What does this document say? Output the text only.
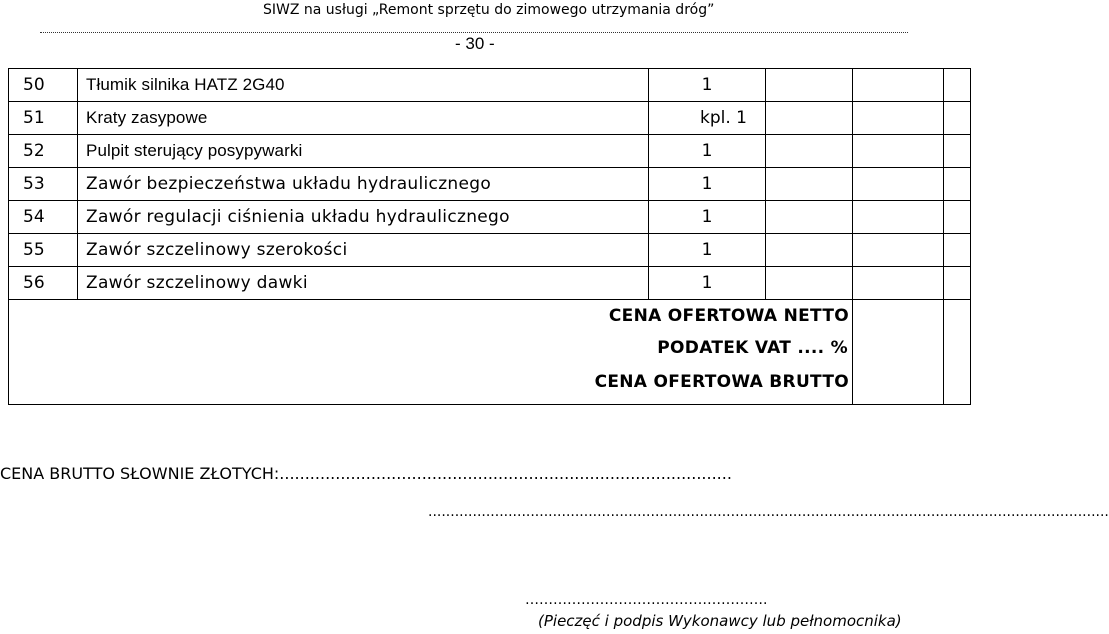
SIWZ na usługi „Remont sprzętu do zimowego utrzymania dróg”
- 30 -
50	Tłumik silnika HATZ 2G40	1			
51	Kraty zasypowe	kpl. 1			
52	Pulpit sterujący posypywarki	1			
53	Zawór bezpieczeństwa układu hydraulicznego	1			
54	Zawór regulacji ciśnienia układu hydraulicznego	1			
55	Zawór szczelinowy szerokości	1			
56	Zawór szczelinowy dawki	1			

CENA OFERTOWA NETTO
PODATEK VAT .... %
CENA OFERTOWA BRUTTO					

CENA BRUTTO SŁOWNIE ZŁOTYCH:.........................................................................................
.........................................................................................................................................................
…………………………………………….
(Pieczęć i podpis Wykonawcy lub pełnomocnika)
